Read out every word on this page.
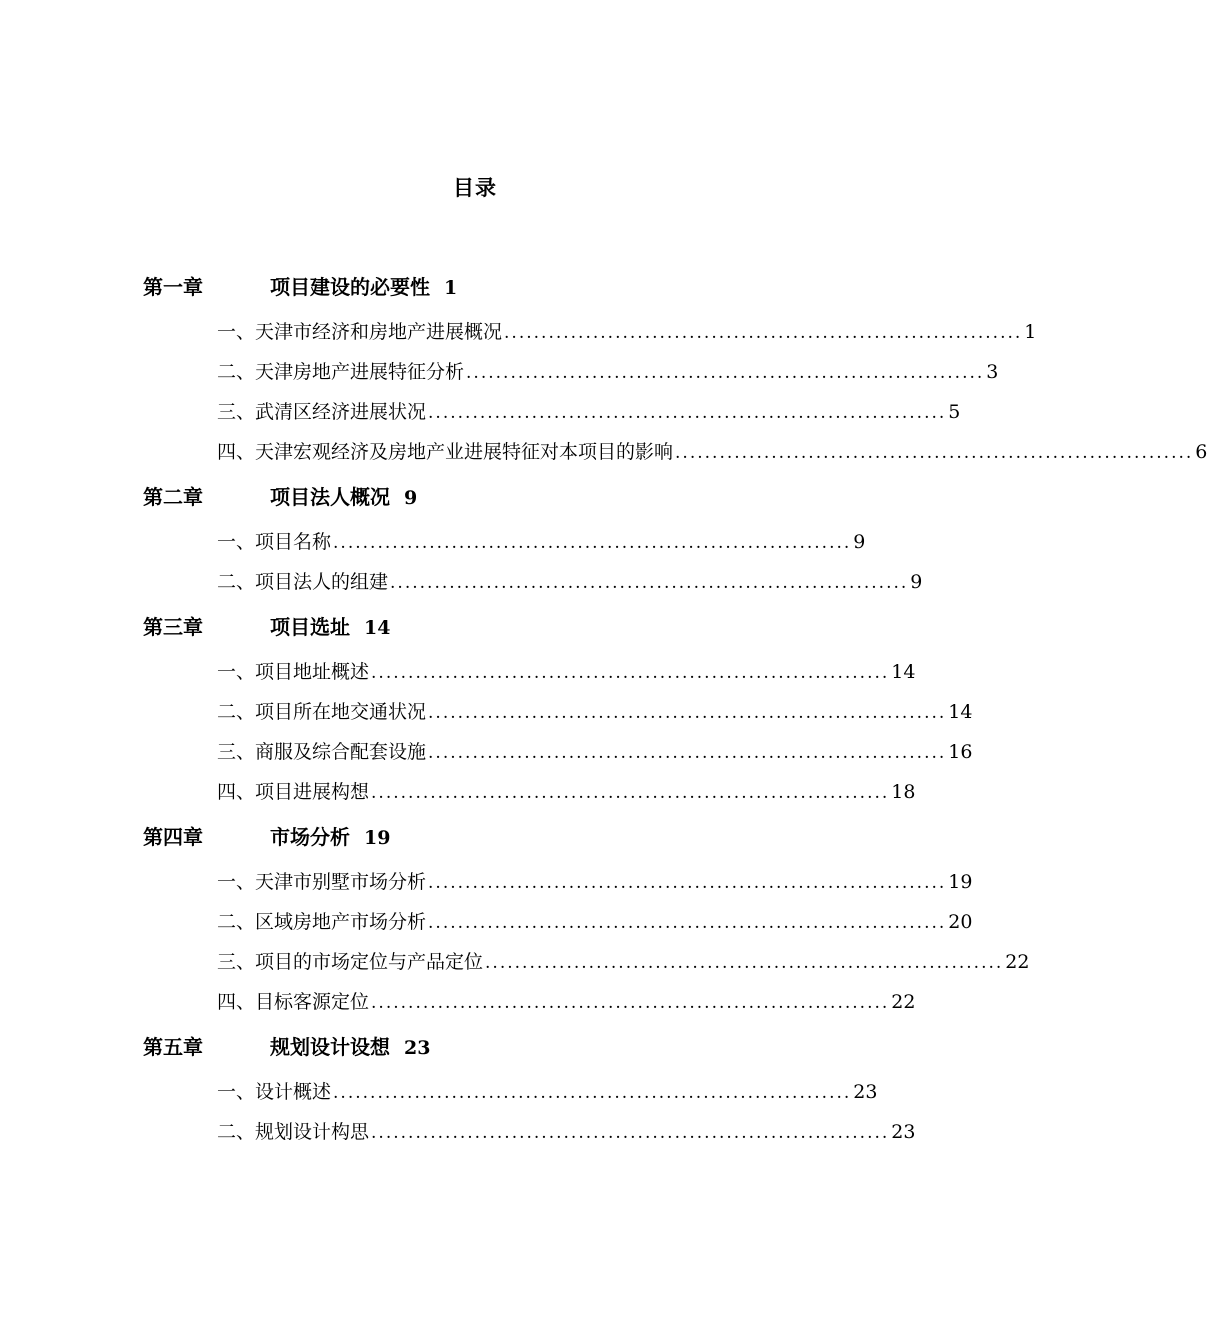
目录
第一章	项目建设的必要性 1
一、天津市经济和房地产进展概况 ...................................................................... 1
二、天津房地产进展特征分析 ...................................................................... 3
三、武清区经济进展状况 ...................................................................... 5
四、天津宏观经济及房地产业进展特征对本项目的影响 ...................................................................... 6
第二章	项目法人概况 9
一、项目名称 ...................................................................... 9
二、项目法人的组建 ...................................................................... 9
第三章	项目选址 14
一、项目地址概述 ...................................................................... 14
二、项目所在地交通状况 ...................................................................... 14
三、商服及综合配套设施 ...................................................................... 16
四、项目进展构想 ...................................................................... 18
第四章	市场分析 19
一、天津市别墅市场分析 ...................................................................... 19
二、区域房地产市场分析 ...................................................................... 20
三、项目的市场定位与产品定位 ...................................................................... 22
四、目标客源定位 ...................................................................... 22
第五章	规划设计设想 23
一、设计概述 ...................................................................... 23
二、规划设计构思 ...................................................................... 23
